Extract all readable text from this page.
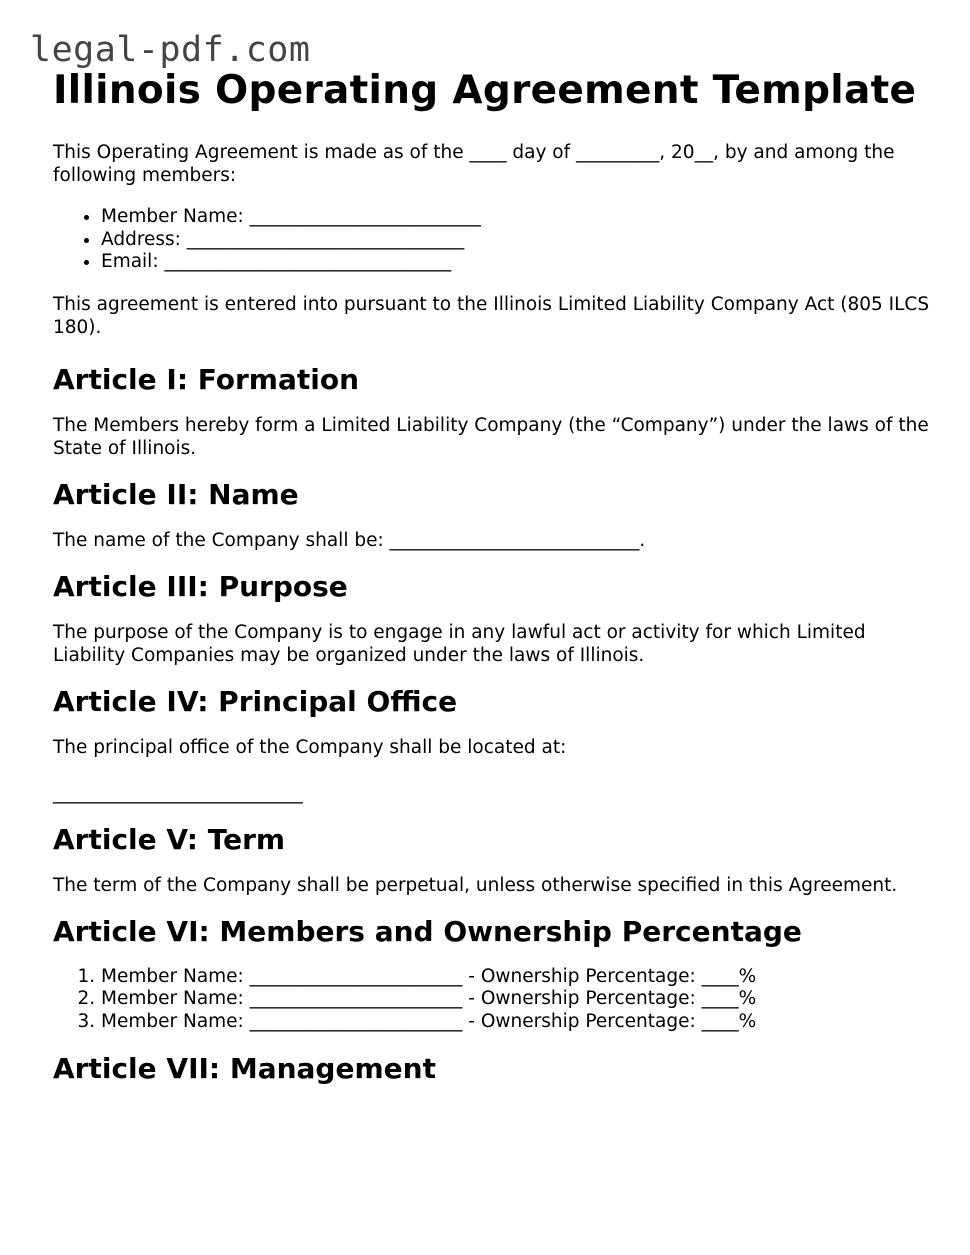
legal-pdf.com
Illinois Operating Agreement Template

This Operating Agreement is made as of the ____ day of _________, 20__, by and among the following members:

• Member Name: _________________________
• Address: ______________________________
• Email: _______________________________

This agreement is entered into pursuant to the Illinois Limited Liability Company Act (805 ILCS 180).

Article I: Formation

The Members hereby form a Limited Liability Company (the “Company”) under the laws of the State of Illinois.

Article II: Name

The name of the Company shall be: ___________________________.

Article III: Purpose

The purpose of the Company is to engage in any lawful act or activity for which Limited Liability Companies may be organized under the laws of Illinois.

Article IV: Principal Office

The principal office of the Company shall be located at:

___________________________

Article V: Term

The term of the Company shall be perpetual, unless otherwise specified in this Agreement.

Article VI: Members and Ownership Percentage
1. Member Name: _______________________ - Ownership Percentage: ____%
2. Member Name: _______________________ - Ownership Percentage: ____%
3. Member Name: _______________________ - Ownership Percentage: ____%
Article VII: Management
